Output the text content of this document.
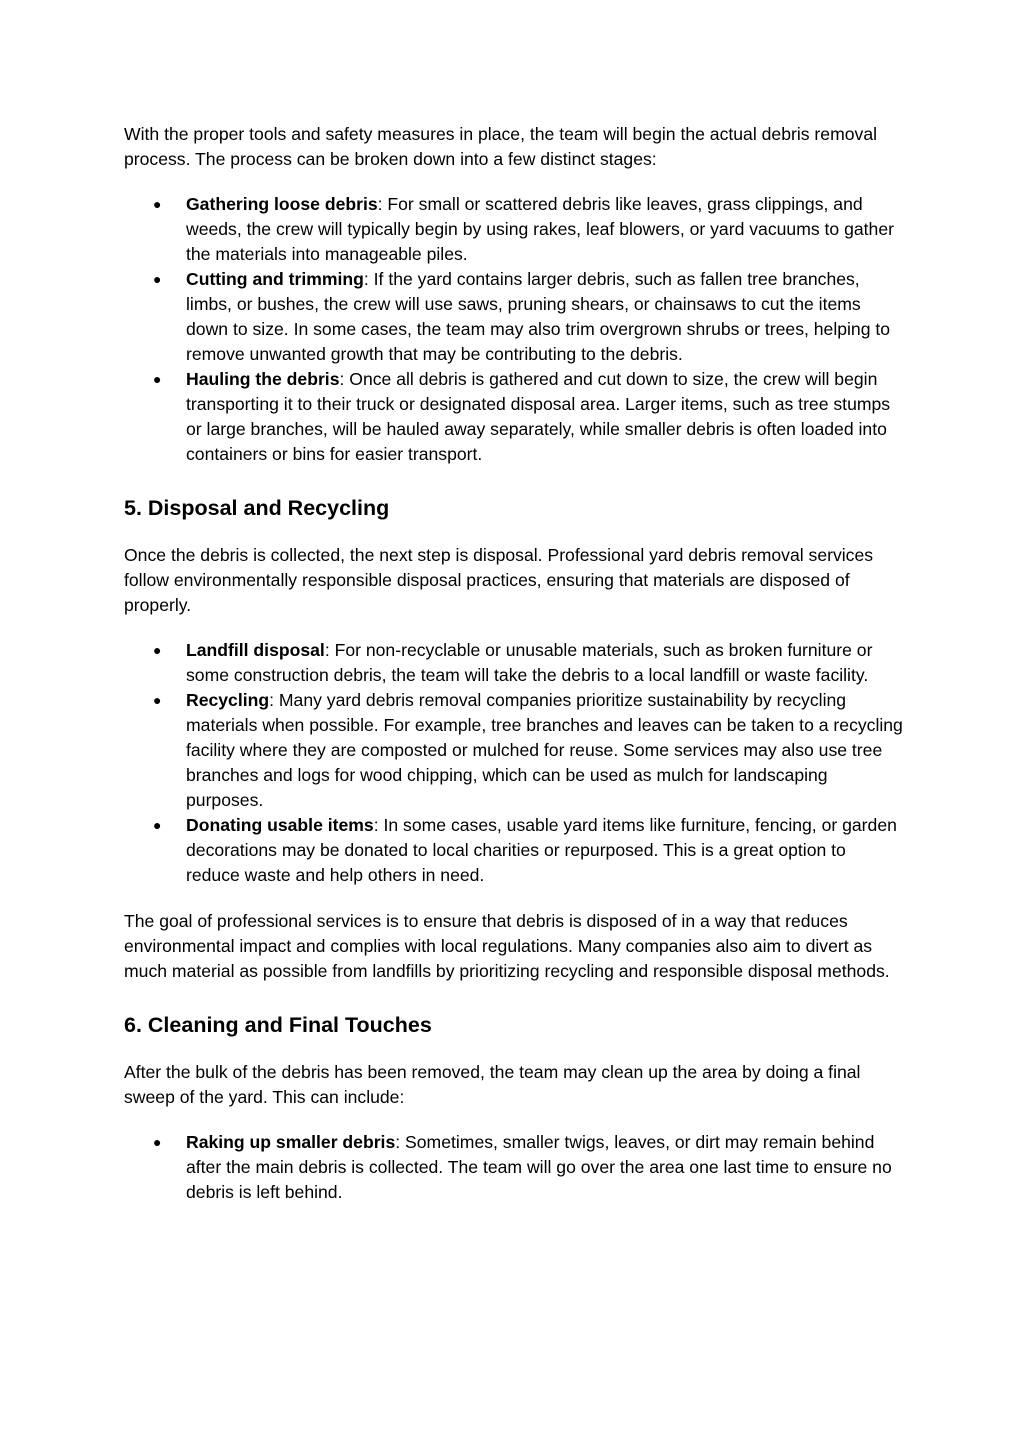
With the proper tools and safety measures in place, the team will begin the actual debris removal process. The process can be broken down into a few distinct stages:

● Gathering loose debris: For small or scattered debris like leaves, grass clippings, and weeds, the crew will typically begin by using rakes, leaf blowers, or yard vacuums to gather the materials into manageable piles.
● Cutting and trimming: If the yard contains larger debris, such as fallen tree branches, limbs, or bushes, the crew will use saws, pruning shears, or chainsaws to cut the items down to size. In some cases, the team may also trim overgrown shrubs or trees, helping to remove unwanted growth that may be contributing to the debris.
● Hauling the debris: Once all debris is gathered and cut down to size, the crew will begin transporting it to their truck or designated disposal area. Larger items, such as tree stumps or large branches, will be hauled away separately, while smaller debris is often loaded into containers or bins for easier transport.
5. Disposal and Recycling

Once the debris is collected, the next step is disposal. Professional yard debris removal services follow environmentally responsible disposal practices, ensuring that materials are disposed of properly.

● Landfill disposal: For non-recyclable or unusable materials, such as broken furniture or some construction debris, the team will take the debris to a local landfill or waste facility.
● Recycling: Many yard debris removal companies prioritize sustainability by recycling materials when possible. For example, tree branches and leaves can be taken to a recycling facility where they are composted or mulched for reuse. Some services may also use tree branches and logs for wood chipping, which can be used as mulch for landscaping purposes.
● Donating usable items: In some cases, usable yard items like furniture, fencing, or garden decorations may be donated to local charities or repurposed. This is a great option to reduce waste and help others in need.

The goal of professional services is to ensure that debris is disposed of in a way that reduces environmental impact and complies with local regulations. Many companies also aim to divert as much material as possible from landfills by prioritizing recycling and responsible disposal methods.

6. Cleaning and Final Touches

After the bulk of the debris has been removed, the team may clean up the area by doing a final sweep of the yard. This can include:

● Raking up smaller debris: Sometimes, smaller twigs, leaves, or dirt may remain behind after the main debris is collected. The team will go over the area one last time to ensure no debris is left behind.
